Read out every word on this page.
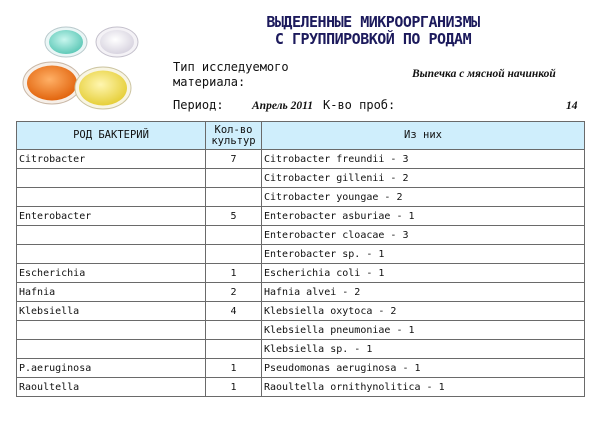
ВЫДЕЛЕННЫЕ МИКРООРГАНИЗМЫ
С ГРУППИРОВКОЙ ПО РОДАМ
Тип исследуемого
материала:
Выпечка с мясной начинкой
Период: Апрель 2011 К-во проб:	14
РОД БАКТЕРИЙ	Кол-во культур	Из них
Citrobacter	7	Citrobacter freundii - 3
		Citrobacter gillenii - 2
		Citrobacter youngae - 2
Enterobacter	5	Enterobacter asburiae - 1
		Enterobacter cloacae - 3
		Enterobacter sp. - 1
Escherichia	1	Escherichia coli - 1
Hafnia	2	Hafnia alvei - 2
Klebsiella	4	Klebsiella oxytoca - 2
		Klebsiella pneumoniae - 1
		Klebsiella sp. - 1
P.aeruginosa	1	Pseudomonas aeruginosa - 1
Raoultella	1	Raoultella ornithynolitica - 1
